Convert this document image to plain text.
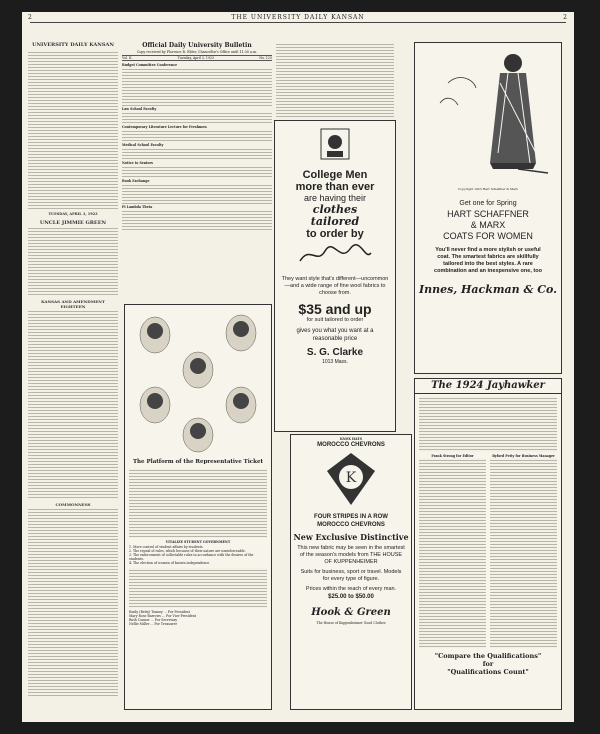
2	THE UNIVERSITY DAILY KANSAN	2
UNIVERSITY DAILY KANSAN
TUESDAY, APRIL 3, 1923
UNCLE JIMMIE GREEN
KANSAS AND AMENDMENT EIGHTEEN
COMMONNESS
Official Daily University Bulletin
Copy received by Florence R. Elder, Chancellor's Office until 11:30 a.m.
Vol. II.	Tuesday, April 3, 1923	No. 125
Budget Committee Conference
Law School Faculty
Contemporary Literature Lecture for Freshmen
Medical School Faculty
Notice to Seniors
Book Exchange
Pi Lambda Theta
The Platform of the Representative Ticket
VITALIZE STUDENT GOVERNMENT
1. More control of student affairs by students.
2. The repeal of rules, which because of their nature are unenforceable.
3. The enforcement of collectable rules in accordance with the desires of the students.
4. The election of women of known independence.
Emily (Betty) Tenney ... For President
Mary Rose Barrows ... For Vice-President
Ruth Connor ... For Secretary
Nellie Miller ... For Treasurer
College Men
more than ever
are having their
clothes
tailored
to order by
They want style that's different—uncommon—and a wide range of fine wool fabrics to choose from.
$35 and up
for suit tailored to order
gives you what you want at a reasonable price
S. G. Clarke
1013 Mass.
KNOX HATS
MOROCCO CHEVRONS
K
FOUR STRIPES IN A ROW MOROCCO CHEVRONS
New Exclusive Distinctive
This new fabric may be seen in the smartest of the season's models from THE HOUSE OF KUPPENHEIMER
Suits for business, sport or travel. Models for every type of figure.
Prices within the reach of every man.
$25.00 to $50.00
Hook & Green
The House of Kuppenheimer Good Clothes
Copyright 1923 Hart Schaffner & Marx
Get one for Spring
HART SCHAFFNER
& MARX
COATS FOR WOMEN
You'll never find a more stylish or useful coat. The smartest fabrics are skillfully tailored into the best styles. A rare combination and an inexpensive one, too
Innes, Hackman & Co.
The 1924 Jayhawker
Frank Strong for Editor	Byford Petty for Business Manager
"Compare the Qualifications"
for
"Qualifications Count"
